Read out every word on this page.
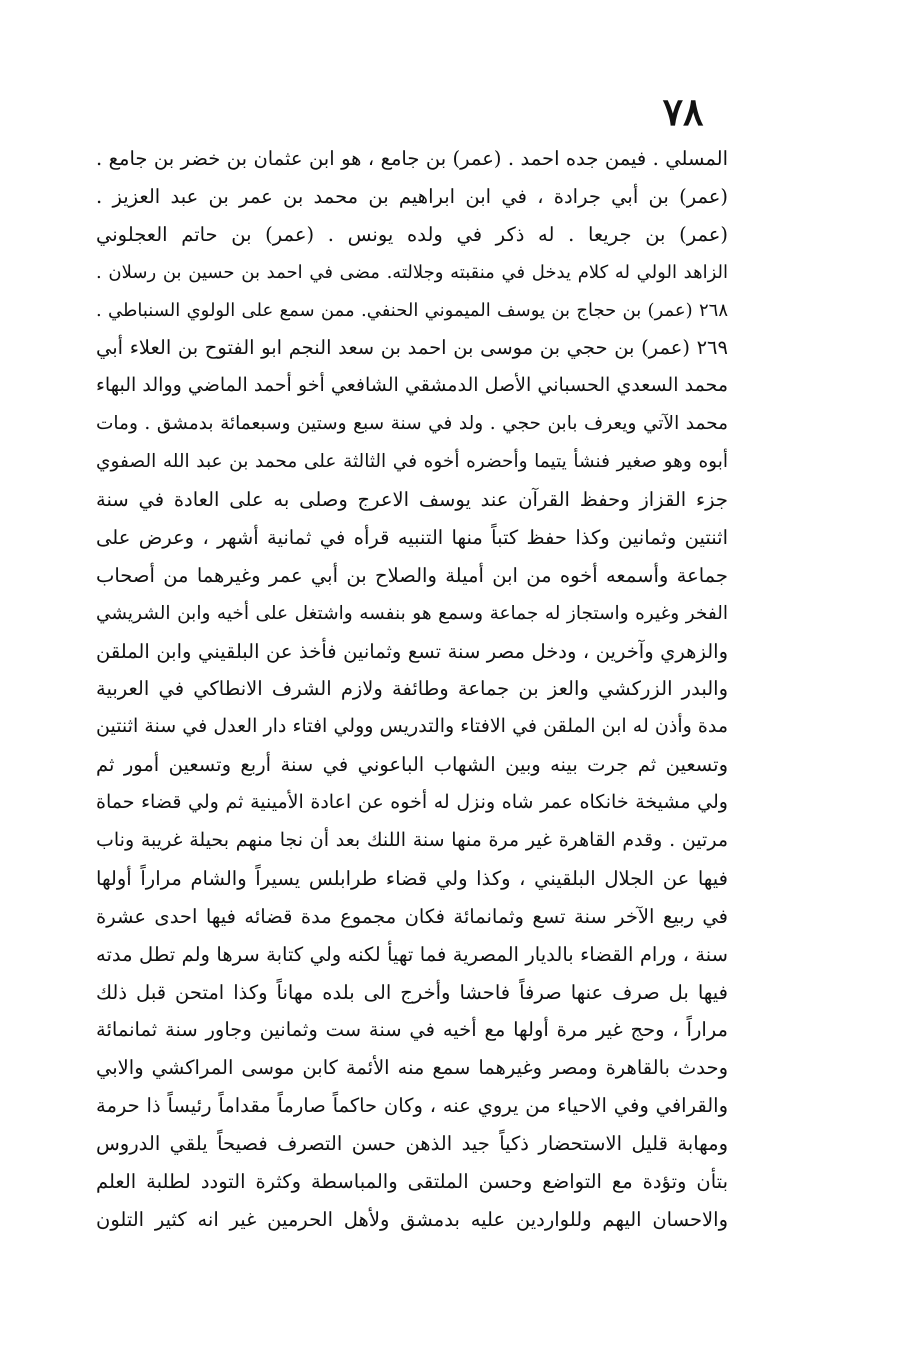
٧٨
المسلي . فيمن جده احمد . (عمر) بن جامع ، هو ابن عثمان بن خضر بن جامع .
(عمر) بن أبي جرادة ، في ابن ابراهيم بن محمد بن عمر بن عبد العزيز .
(عمر) بن جريعا . له ذكر في ولده يونس . (عمر) بن حاتم العجلوني
الزاهد الولي له كلام يدخل في منقبته وجلالته. مضى في احمد بن حسين بن رسلان .
٢٦٨ (عمر) بن حجاج بن يوسف الميموني الحنفي. ممن سمع على الولوي السنباطي .
٢٦٩ (عمر) بن حجي بن موسى بن احمد بن سعد النجم ابو الفتوح بن العلاء أبي
محمد السعدي الحسباني الأصل الدمشقي الشافعي أخو أحمد الماضي ووالد البهاء
محمد الآتي ويعرف بابن حجي . ولد في سنة سبع وستين وسبعمائة بدمشق . ومات
أبوه وهو صغير فنشأ يتيما وأحضره أخوه في الثالثة على محمد بن عبد الله الصفوي
جزء القزاز وحفظ القرآن عند يوسف الاعرج وصلى به على العادة في سنة
اثنتين وثمانين وكذا حفظ كتباً منها التنبيه قرأه في ثمانية أشهر ، وعرض على
جماعة وأسمعه أخوه من ابن أميلة والصلاح بن أبي عمر وغيرهما من أصحاب
الفخر وغيره واستجاز له جماعة وسمع هو بنفسه واشتغل على أخيه وابن الشريشي
والزهري وآخرين ، ودخل مصر سنة تسع وثمانين فأخذ عن البلقيني وابن الملقن
والبدر الزركشي والعز بن جماعة وطائفة ولازم الشرف الانطاكي في العربية
مدة وأذن له ابن الملقن في الافتاء والتدريس وولي افتاء دار العدل في سنة اثنتين
وتسعين ثم جرت بينه وبين الشهاب الباعوني في سنة أربع وتسعين أمور ثم
ولي مشيخة خانكاه عمر شاه ونزل له أخوه عن اعادة الأمينية ثم ولي قضاء حماة
مرتين . وقدم القاهرة غير مرة منها سنة اللنك بعد أن نجا منهم بحيلة غريبة وناب
فيها عن الجلال البلقيني ، وكذا ولي قضاء طرابلس يسيراً والشام مراراً أولها
في ربيع الآخر سنة تسع وثمانمائة فكان مجموع مدة قضائه فيها احدى عشرة
سنة ، ورام القضاء بالديار المصرية فما تهيأ لكنه ولي كتابة سرها ولم تطل مدته
فيها بل صرف عنها صرفاً فاحشا وأخرج الى بلده مهاناً وكذا امتحن قبل ذلك
مراراً ، وحج غير مرة أولها مع أخيه في سنة ست وثمانين وجاور سنة ثمانمائة
وحدث بالقاهرة ومصر وغيرهما سمع منه الأئمة كابن موسى المراكشي والابي
والقرافي وفي الاحياء من يروي عنه ، وكان حاكماً صارماً مقداماً رئيساً ذا حرمة
ومهابة قليل الاستحضار ذكياً جيد الذهن حسن التصرف فصيحاً يلقي الدروس
بتأن وتؤدة مع التواضع وحسن الملتقى والمباسطة وكثرة التودد لطلبة العلم
والاحسان اليهم وللواردين عليه بدمشق ولأهل الحرمين غير انه كثير التلون
